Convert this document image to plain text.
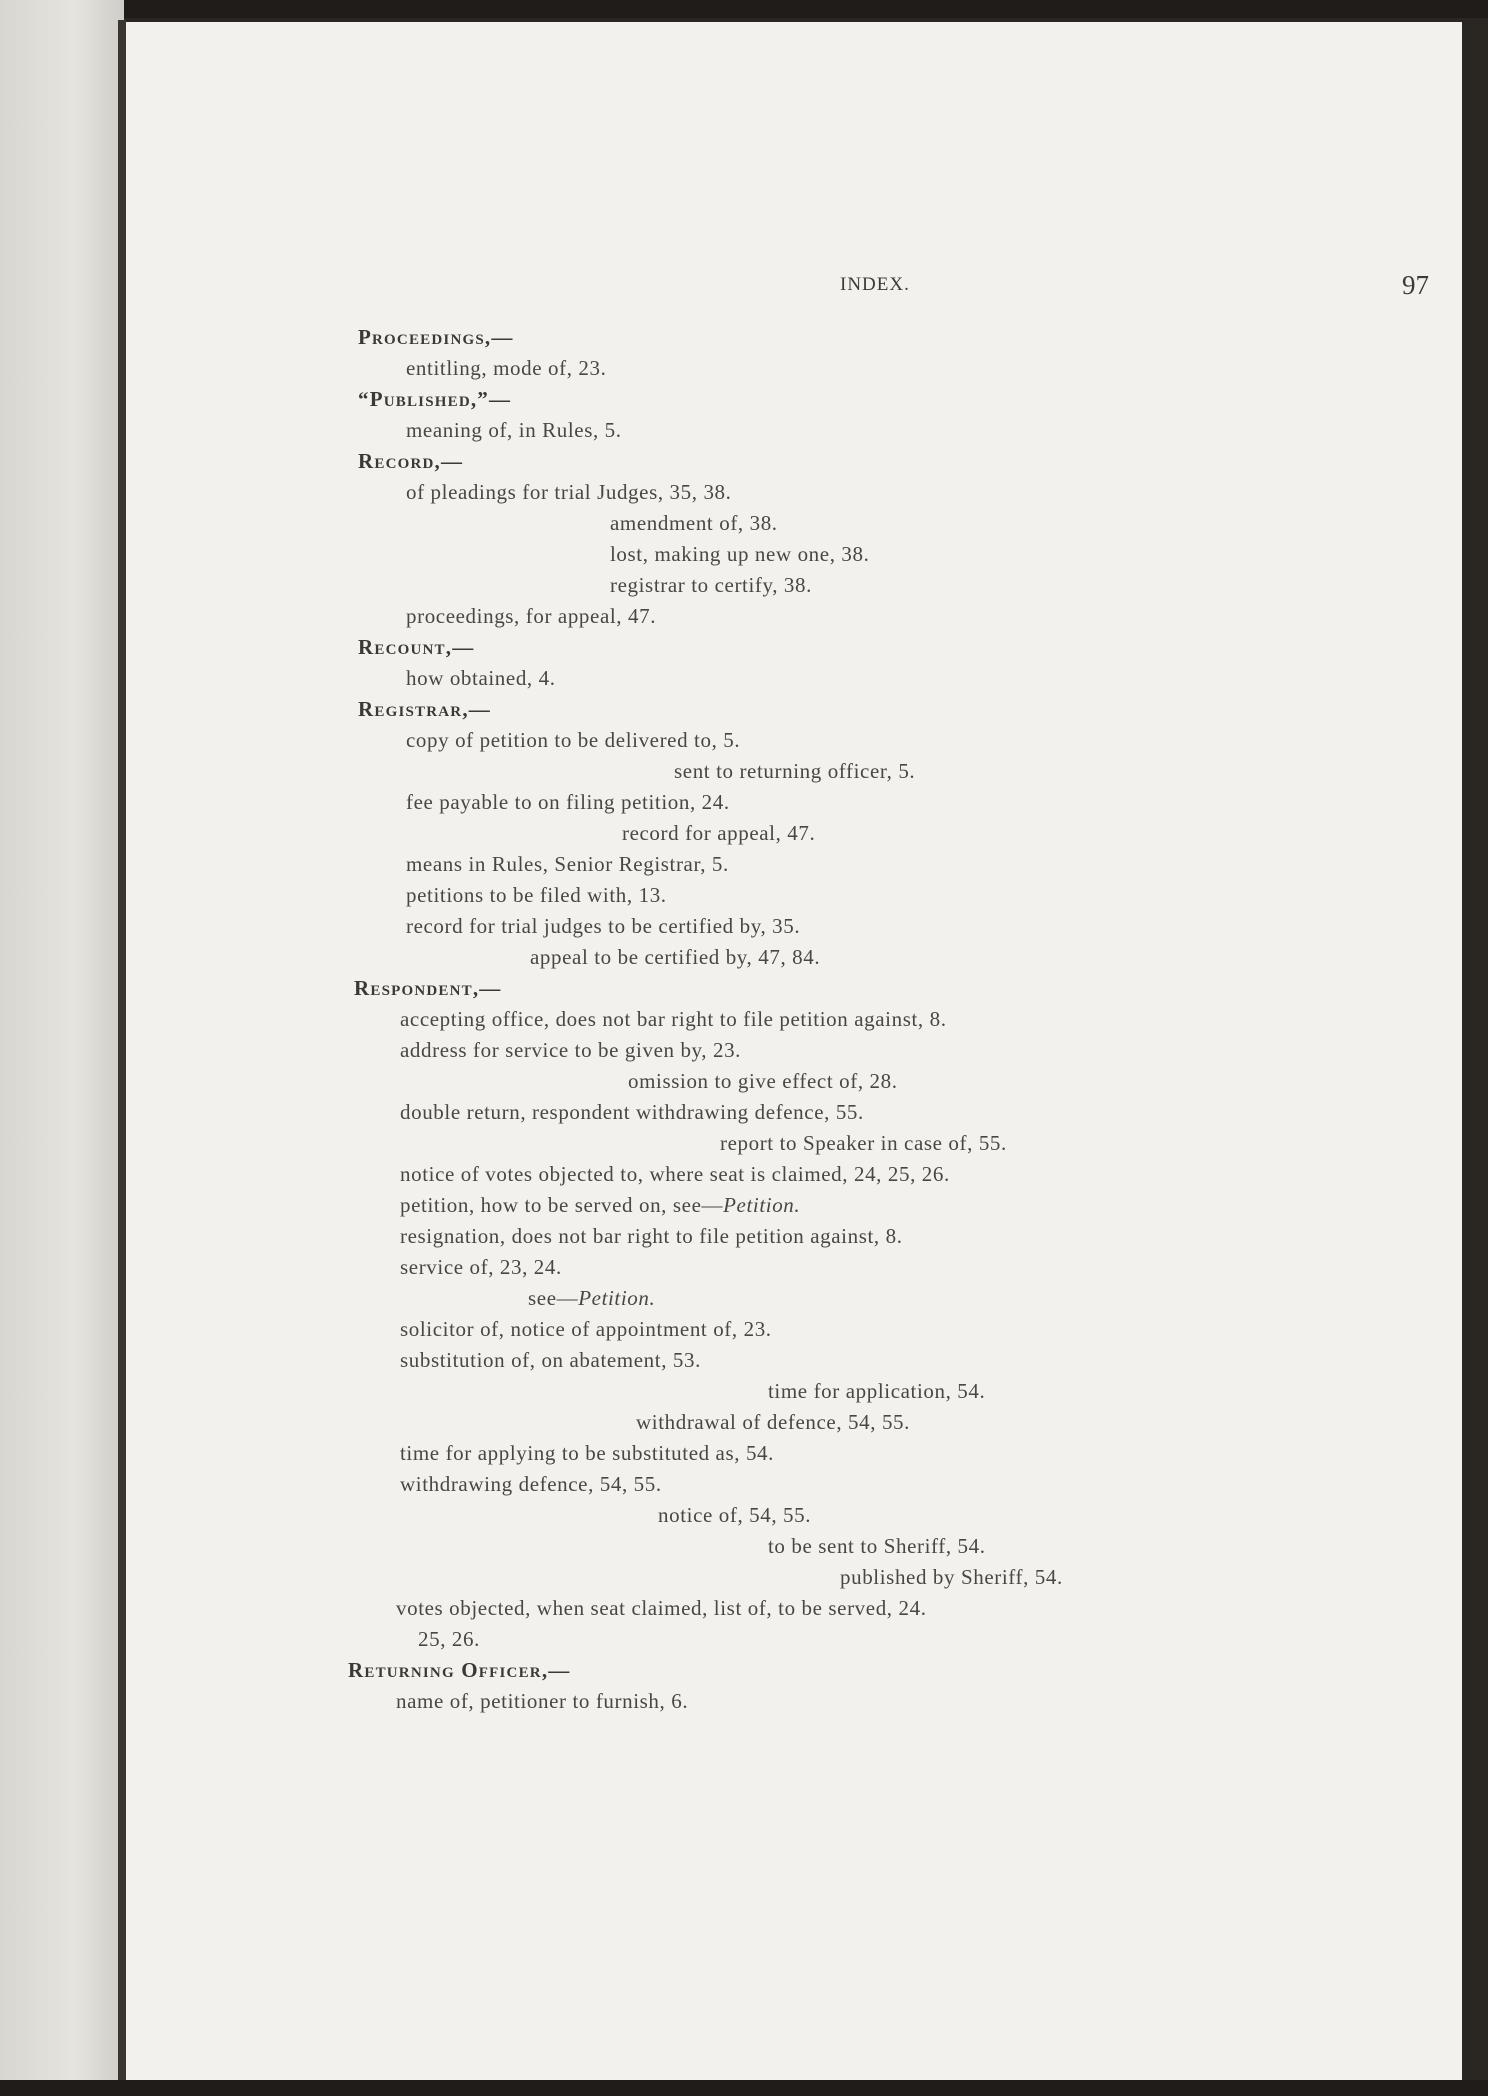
INDEX.	97
Proceedings,—
entitling, mode of, 23.
“Published,”—
meaning of, in Rules, 5.
Record,—
of pleadings for trial Judges, 35, 38.
amendment of, 38.
lost, making up new one, 38.
registrar to certify, 38.
proceedings, for appeal, 47.
Recount,—
how obtained, 4.
Registrar,—
copy of petition to be delivered to, 5.
sent to returning officer, 5.
fee payable to on filing petition, 24.
record for appeal, 47.
means in Rules, Senior Registrar, 5.
petitions to be filed with, 13.
record for trial judges to be certified by, 35.
appeal to be certified by, 47, 84.
Respondent,—
accepting office, does not bar right to file petition against, 8.
address for service to be given by, 23.
omission to give effect of, 28.
double return, respondent withdrawing defence, 55.
report to Speaker in case of, 55.
notice of votes objected to, where seat is claimed, 24, 25, 26.
petition, how to be served on, see—Petition.
resignation, does not bar right to file petition against, 8.
service of, 23, 24.
see—Petition.
solicitor of, notice of appointment of, 23.
substitution of, on abatement, 53.
time for application, 54.
withdrawal of defence, 54, 55.
time for applying to be substituted as, 54.
withdrawing defence, 54, 55.
notice of, 54, 55.
to be sent to Sheriff, 54.
published by Sheriff, 54.
votes objected, when seat claimed, list of, to be served, 24.
25, 26.
Returning Officer,—
name of, petitioner to furnish, 6.
